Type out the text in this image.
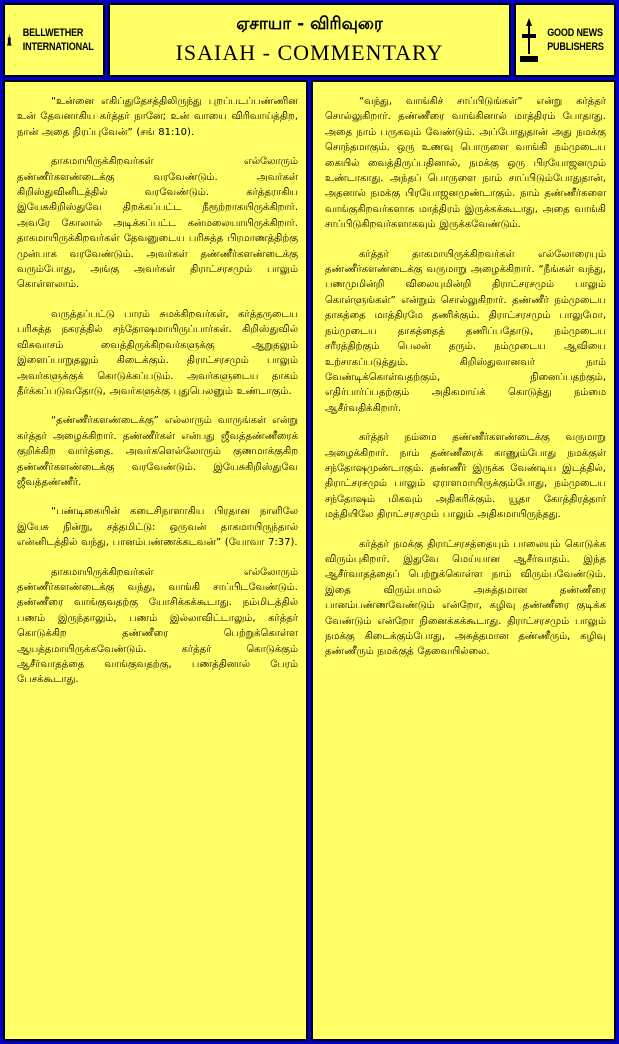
BELLWETHER
INTERNATIONAL
ஏசாயா - விரிவுரை
ISAIAH - COMMENTARY
GOOD NEWS
PUBLISHERS

“உன்னை எகிப்துதேசத்திலிருந்து புறப்படப்பண்ணின உன் தேவனாகிய கர்த்தர் நானே; உன் வாயை விரிவாய்த்திற, நான் அதை நிரப்புவேன்” (சங் 81:10).

தாகமாயிருக்கிறவர்கள் எல்லோரும் தண்ணீர்களண்டைக்கு வரவேண்டும். அவர்கள் கிறிஸ்துவினிடத்தில் வரவேண்டும். கர்த்தராகிய இயேசுகிறிஸ்துவே திறக்கப்பட்ட நீரூற்றாகயிருக்கிறார். அவரே கோலால் அடிக்கப்பட்ட கன்மலையாயிருக்கிறார். தாகமாயிருக்கிறவர்கள் தேவனுடைய பரிசுத்த பிரமாணத்திற்கு முன்பாக வரவேண்டும். அவர்கள் தண்ணீர்களண்டைக்கு வரும்போது, அங்கு அவர்கள் திராட்சரசமும் பாலும் கொள்ளலாம்.

வருத்தப்பட்டு பாரம் சுமக்கிறவர்கள், கர்த்தருடைய பரிசுத்த நகரத்தில் சந்தோஷமாயிருப்பார்கள். கிறிஸ்துவில் விசுவாசம் வைத்திருக்கிறவர்களுக்கு ஆறுதலும் இளைப்பாறுதலும் கிடைக்கும். திராட்சரசமும் பாலும் அவர்களுக்குக் கொடுக்கப்படும். அவர்களுடைய தாகம் தீர்க்கப்படுவதோடு, அவர்களுக்கு புதுபெலனும் உண்டாகும்.

“தண்ணீர்களண்டைக்கு” எல்லாரும் வாருங்கள் என்று கர்த்தர் அழைக்கிறார். தண்ணீர்கள் என்பது ஜீவத்தண்ணீரைக் குறிக்கிற வார்த்தை. அவர்களெல்லோரும் குணமாக்குகிற தண்ணீர்களண்டைக்கு வரவேண்டும். இயேசுகிறிஸ்துவே ஜீவத்தண்ணீர்.

“பண்டிகையின் கடைசிநாளாகிய பிரதான நாளிலே இயேசு நின்று, சத்தமிட்டு: ஒருவன் தாகமாயிருந்தால் என்னிடத்தில் வந்து, பானம்பண்ணக்கடவன்” (யோவா 7:37).

தாகமாயிருக்கிறவர்கள் எல்லோரும் தண்ணீர்களண்டைக்கு வந்து, வாங்கி சாப்பிடவேண்டும். தண்ணீரை வாங்குவதற்கு யோசிக்கக்கூடாது. நம்மிடத்தில் பணம் இருந்தாலும், பணம் இல்லாவிட்டாலும், கர்த்தர் கொடுக்கிற தண்ணீரை பெற்றுக்கொள்ள ஆயத்தமாயிருக்கவேண்டும். கர்த்தர் கொடுக்கும் ஆசீர்வாதத்தை வாங்குவதற்கு, பணத்தினால் பேரம் பேசக்கூடாது.

“வந்து, வாங்கிச் சாப்பிடுங்கள்” என்று கர்த்தர் சொல்லுகிறார். தண்ணீரை வாங்கினால் மாத்திரம் போதாது. அதை நாம் பருகவும் வேண்டும். அப்போதுதான் அது நமக்கு சொந்தமாகும். ஒரு உணவு பொருளை வாங்கி நம்முடைய கையில் வைத்திருப்பதினால், நமக்கு ஒரு பிரயோஜனமும் உண்டாகாது. அந்தப் பொருளை நாம் சாப்பிடும்போதுதான், அதனால் நமக்கு பிரயோஜனமுண்டாகும். நாம் தண்ணீர்களை வாங்குகிறவர்களாக மாத்திரம் இருக்கக்கூடாது, அதை வாங்கி சாப்பிடுகிறவர்களாகவும் இருக்கவேண்டும்.

கர்த்தர் தாகமாயிருக்கிறவர்கள் எல்லோரையும் தண்ணீர்களண்டைக்கு வருமாறு அழைக்கிறார். “நீங்கள் வந்து, பணமுமின்றி விலையுமின்றி திராட்சரசமும் பாலும் கொள்ளுங்கள்” என்றும் சொல்லுகிறார். தண்ணீர் நம்முடைய தாகத்தை மாத்திரமே தணிக்கும். திராட்சரசமும் பாலுமோ, நம்முடைய தாகத்தைத் தணிப்பதோடு, நம்முடைய சரீரத்திற்கும் பெலன் தரும். நம்முடைய ஆவியை உற்சாகப்படுத்தும். கிறிஸ்துவானவர் நாம் வேண்டிக்கொள்வதற்கும், நினைப்பதற்கும், எதிர்பார்ப்பதற்கும் அதிகமாய்க் கொடுத்து நம்மை ஆசீர்வதிக்கிறார்.

கர்த்தர் நம்மை தண்ணீர்களண்டைக்கு வருமாறு அழைக்கிறார். நாம் தண்ணீரைக் காணும்போது நமக்குள் சந்தோஷமுண்டாகும். தண்ணீர் இருக்க வேண்டிய இடத்தில், திராட்சரசமும் பாலும் ஏராளமாயிருக்கும்போது, நம்முடைய சந்தோஷம் மிகவும் அதிகரிக்கும். யூதா கோத்திரத்தார் மத்தியிலே திராட்சரசமும் பாலும் அதிகமாயிருந்தது.

கர்த்தர் நமக்கு திராட்சரசத்தையும் பாலையும் கொடுக்க விரும்புகிறார். இதுவே மெய்யான ஆசீர்வாதம். இந்த ஆசீர்வாதத்தைப் பெற்றுக்கொள்ள நாம் விரும்பவேண்டும். இதை விரும்பாமல் அசுத்தமான தண்ணீரை பானம்பண்ணவேண்டும் என்றோ, கழிவு தண்ணீரை குடிக்க வேண்டும் என்றோ நினைக்கக்கூடாது. திராட்சரசமும் பாலும் நமக்கு கிடைக்கும்போது, அசுத்தமான தண்ணீரும், கழிவு தண்ணீரும் நமக்குத் தேவையில்லை.
